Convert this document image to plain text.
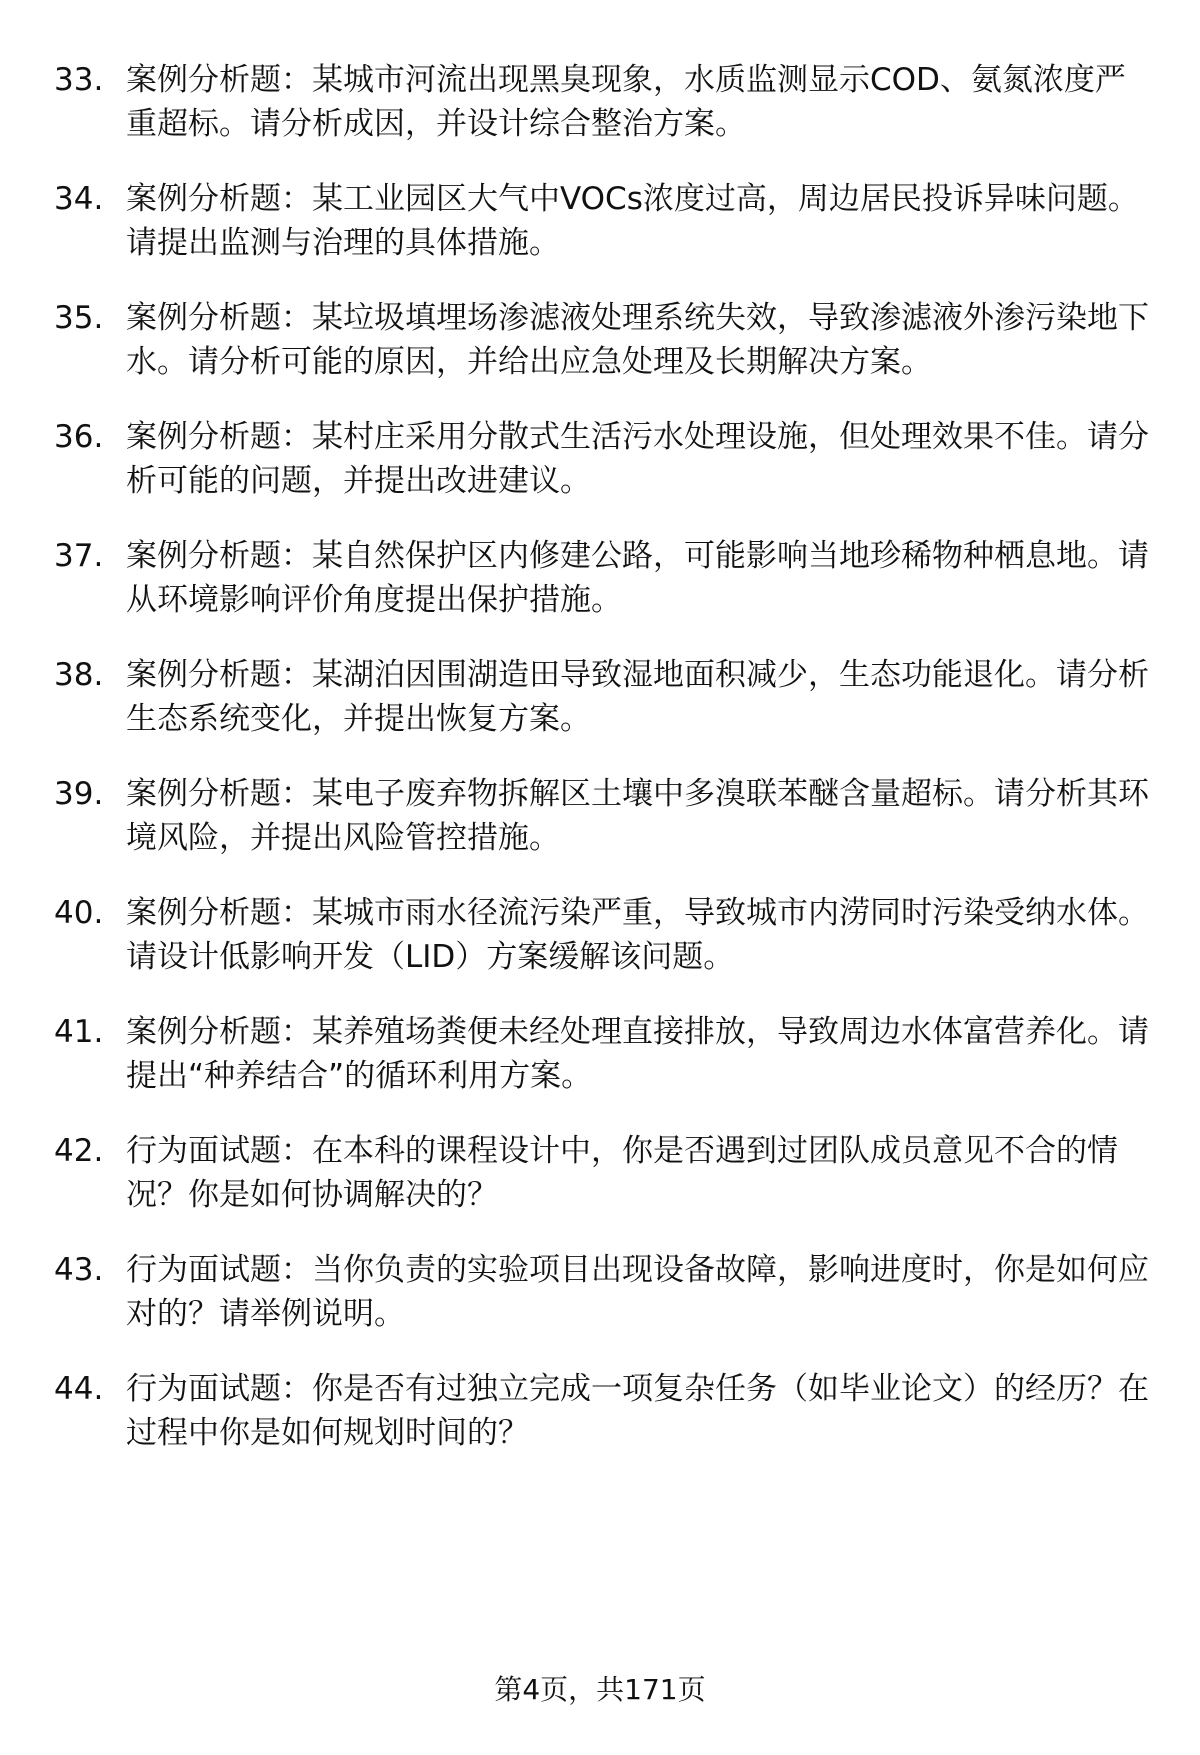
33. 案例分析题：某城市河流出现黑臭现象，水质监测显示COD、氨氮浓度严重超标。请分析成因，并设计综合整治方案。
34. 案例分析题：某工业园区大气中VOCs浓度过高，周边居民投诉异味问题。请提出监测与治理的具体措施。
35. 案例分析题：某垃圾填埋场渗滤液处理系统失效，导致渗滤液外渗污染地下水。请分析可能的原因，并给出应急处理及长期解决方案。
36. 案例分析题：某村庄采用分散式生活污水处理设施，但处理效果不佳。请分析可能的问题，并提出改进建议。
37. 案例分析题：某自然保护区内修建公路，可能影响当地珍稀物种栖息地。请从环境影响评价角度提出保护措施。
38. 案例分析题：某湖泊因围湖造田导致湿地面积减少，生态功能退化。请分析生态系统变化，并提出恢复方案。
39. 案例分析题：某电子废弃物拆解区土壤中多溴联苯醚含量超标。请分析其环境风险，并提出风险管控措施。
40. 案例分析题：某城市雨水径流污染严重，导致城市内涝同时污染受纳水体。请设计低影响开发（LID）方案缓解该问题。
41. 案例分析题：某养殖场粪便未经处理直接排放，导致周边水体富营养化。请提出“种养结合”的循环利用方案。
42. 行为面试题：在本科的课程设计中，你是否遇到过团队成员意见不合的情况？你是如何协调解决的？
43. 行为面试题：当你负责的实验项目出现设备故障，影响进度时，你是如何应对的？请举例说明。
44. 行为面试题：你是否有过独立完成一项复杂任务（如毕业论文）的经历？在过程中你是如何规划时间的？
第4页，共171页
